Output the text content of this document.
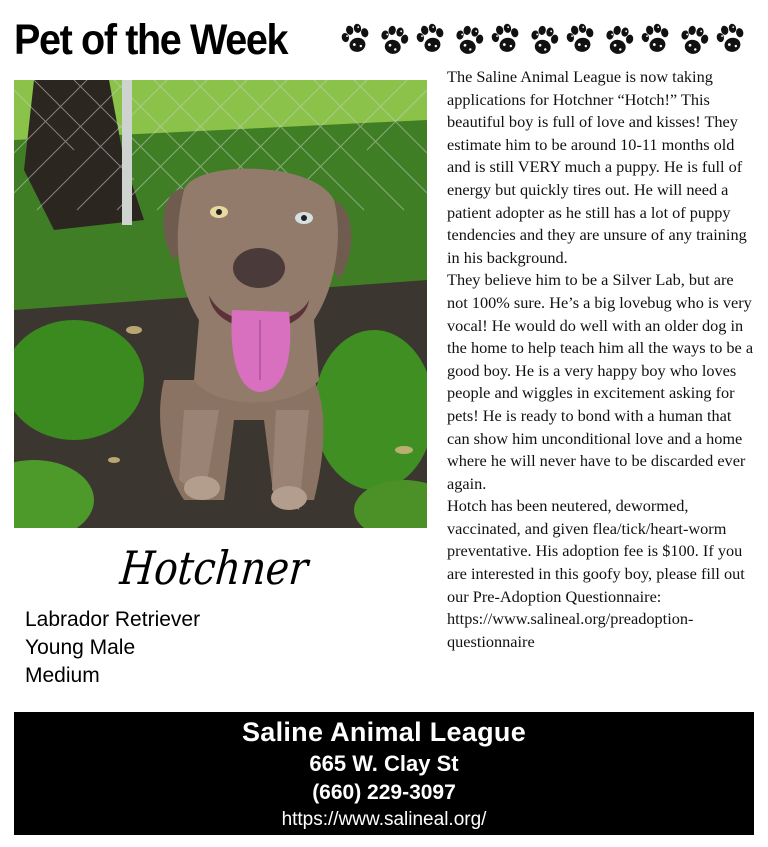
Pet of the Week
Hotchner
Labrador Retriever
Young Male
Medium

The Saline Animal League is now taking applications for Hotchner “Hotch!” This beautiful boy is full of love and kisses! They estimate him to be around 10-11 months old and is still VERY much a puppy. He is full of energy but quickly tires out. He will need a patient adopter as he still has a lot of puppy tendencies and they are unsure of any training in his background.

They believe him to be a Silver Lab, but are not 100% sure. He’s a big lovebug who is very vocal! He would do well with an older dog in the home to help teach him all the ways to be a good boy. He is a very happy boy who loves people and wiggles in excitement asking for pets! He is ready to bond with a human that can show him unconditional love and a home where he will never have to be discarded ever again.

Hotch has been neutered, dewormed, vaccinated, and given flea/tick/heart-worm preventative. His adoption fee is $100. If you are interested in this goofy boy, please fill out our Pre-Adoption Questionnaire: https://www.salineal.org/preadoption-questionnaire

Saline Animal League
665 W. Clay St
(660) 229-3097
https://www.salineal.org/
